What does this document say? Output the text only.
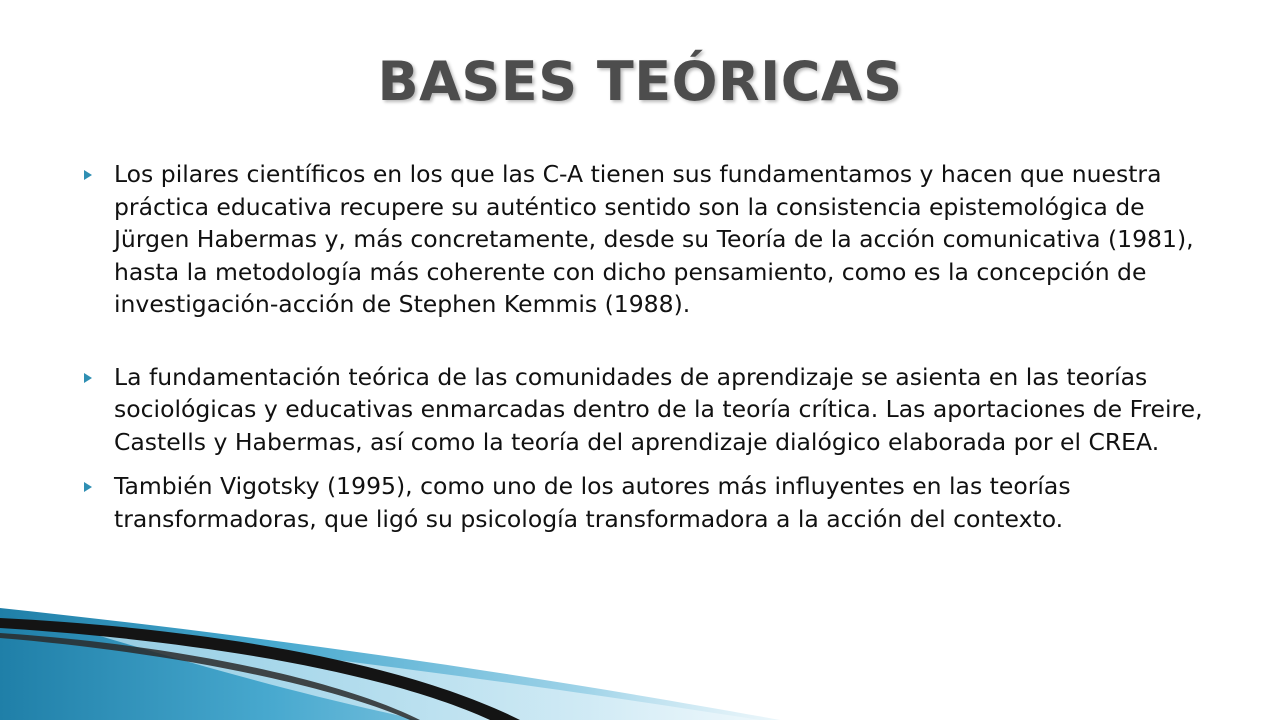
BASES TEÓRICAS
Los pilares científicos en los que las C-A tienen sus fundamentamos y hacen que nuestra práctica educativa recupere su auténtico sentido son la consistencia epistemológica de Jürgen Habermas y, más concretamente, desde su Teoría de la acción comunicativa (1981), hasta la metodología más coherente con dicho pensamiento, como es la concepción de investigación-acción de Stephen Kemmis (1988).
La fundamentación teórica de las comunidades de aprendizaje se asienta en las teorías sociológicas y educativas enmarcadas dentro de la teoría crítica. Las aportaciones de Freire, Castells y Habermas, así como la teoría del aprendizaje dialógico elaborada por el CREA.
También Vigotsky (1995), como uno de los autores más influyentes en las teorías transformadoras, que ligó su psicología transformadora a la acción del contexto.
